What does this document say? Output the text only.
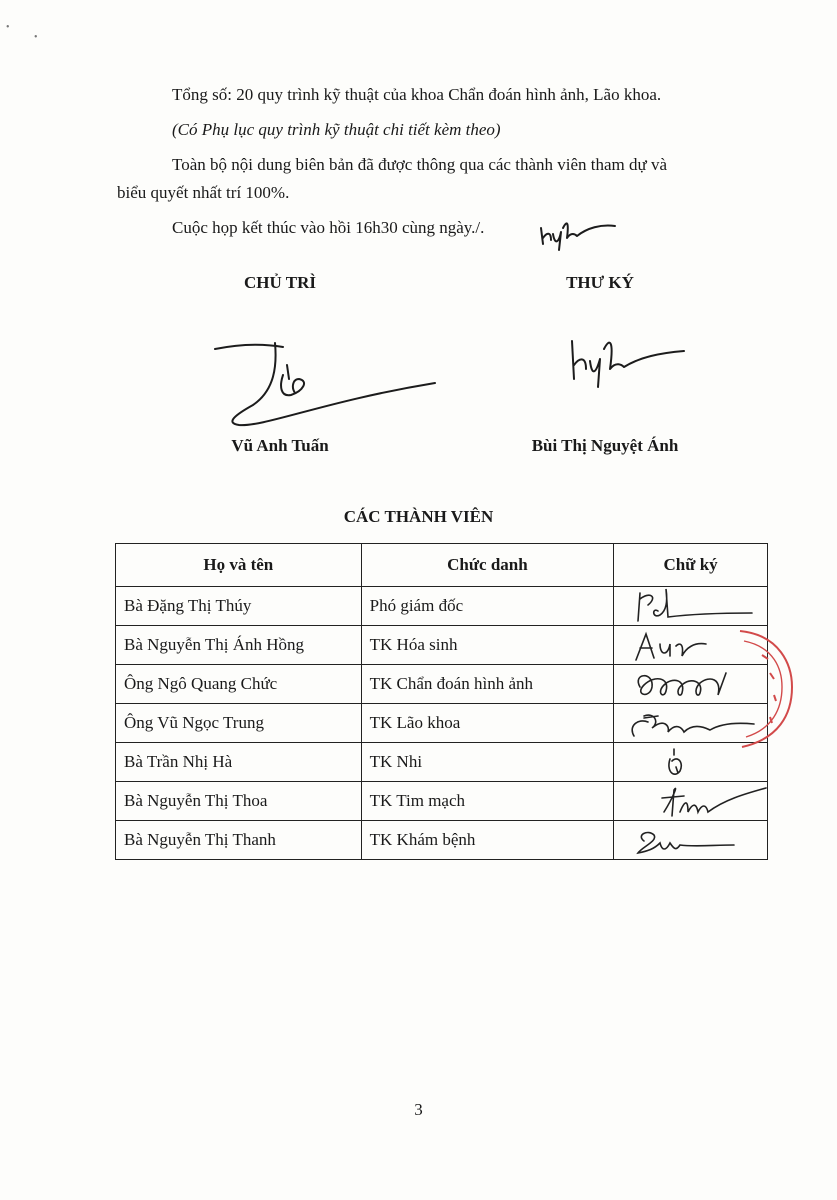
•
•
Tổng số: 20 quy trình kỹ thuật của khoa Chẩn đoán hình ảnh, Lão khoa.
(Có Phụ lục quy trình kỹ thuật chi tiết kèm theo)
Toàn bộ nội dung biên bản đã được thông qua các thành viên tham dự và
biểu quyết nhất trí 100%.
Cuộc họp kết thúc vào hồi 16h30 cùng ngày./.
CHỦ TRÌ	THƯ KÝ
Vũ Anh Tuấn	Bùi Thị Nguyệt Ánh
CÁC THÀNH VIÊN
Họ và tên	Chức danh	Chữ ký
Bà Đặng Thị Thúy	Phó giám đốc	

Bà Nguyễn Thị Ánh Hồng	TK Hóa sinh	

Ông Ngô Quang Chức	TK Chẩn đoán hình ảnh	

Ông Vũ Ngọc Trung	TK Lão khoa	

Bà Trần Nhị Hà	TK Nhi	

Bà Nguyễn Thị Thoa	TK Tim mạch	

Bà Nguyễn Thị Thanh	TK Khám bệnh	
3
